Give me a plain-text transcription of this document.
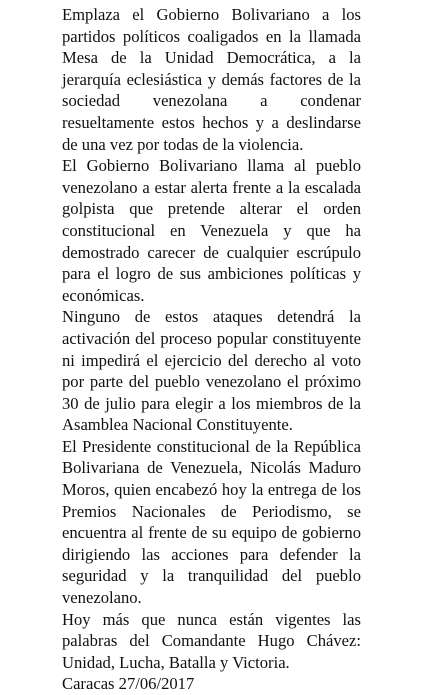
Emplaza el Gobierno Bolivariano a los partidos políticos coaligados en la llamada Mesa de la Unidad Democrática, a la jerarquía eclesiástica y demás factores de la sociedad venezolana a condenar resueltamente estos hechos y a deslindarse de una vez por todas de la violencia.

El Gobierno Bolivariano llama al pueblo venezolano a estar alerta frente a la escalada golpista que pretende alterar el orden constitucional en Venezuela y que ha demostrado carecer de cualquier escrúpulo para el logro de sus ambiciones políticas y económicas.

Ninguno de estos ataques detendrá la activación del proceso popular constituyente ni impedirá el ejercicio del derecho al voto por parte del pueblo venezolano el próximo 30 de julio para elegir a los miembros de la Asamblea Nacional Constituyente.

El Presidente constitucional de la República Bolivariana de Venezuela, Nicolás Maduro Moros, quien encabezó hoy la entrega de los Premios Nacionales de Periodismo, se encuentra al frente de su equipo de gobierno dirigiendo las acciones para defender la seguridad y la tranquilidad del pueblo venezolano.

Hoy más que nunca están vigentes las palabras del Comandante Hugo Chávez: Unidad, Lucha, Batalla y Victoria.

Caracas 27/06/2017
